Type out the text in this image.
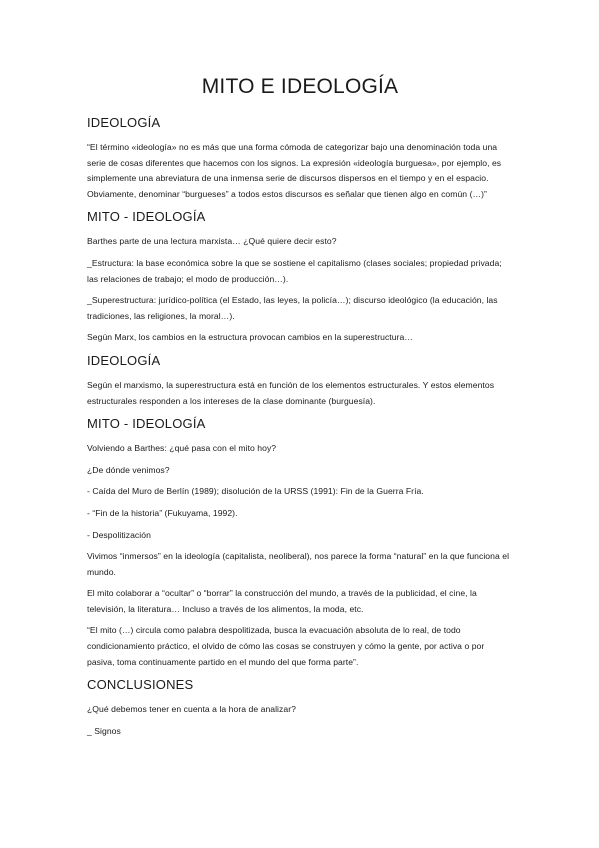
MITO E IDEOLOGÍA
IDEOLOGÍA

“El término «ideología» no es más que una forma cómoda de categorizar bajo una denominación toda una serie de cosas diferentes que hacemos con los signos. La expresión «ideología burguesa», por ejemplo, es simplemente una abreviatura de una inmensa serie de discursos dispersos en el tiempo y en el espacio. Obviamente, denominar “burgueses” a todos estos discursos es señalar que tienen algo en común (…)”

MITO - IDEOLOGÍA

Barthes parte de una lectura marxista… ¿Qué quiere decir esto?

_Estructura: la base económica sobre la que se sostiene el capitalismo (clases sociales; propiedad privada; las relaciones de trabajo; el modo de producción…).

_Superestructura: jurídico-política (el Estado, las leyes, la policía…); discurso ideológico (la educación, las tradiciones, las religiones, la moral…).

Según Marx, los cambios en la estructura provocan cambios en la superestructura…

IDEOLOGÍA

Según el marxismo, la superestructura está en función de los elementos estructurales. Y estos elementos estructurales responden a los intereses de la clase dominante (burguesía).

MITO - IDEOLOGÍA

Volviendo a Barthes: ¿qué pasa con el mito hoy?

¿De dónde venimos?

- Caída del Muro de Berlín (1989); disolución de la URSS (1991): Fin de la Guerra Fría.

- “Fin de la historia” (Fukuyama, 1992).

- Despolitización

Vivimos “inmersos” en la ideología (capitalista, neoliberal), nos parece la forma “natural” en la que funciona el mundo.

El mito colaborar a “ocultar” o “borrar” la construcción del mundo, a través de la publicidad, el cine, la televisión, la literatura… Incluso a través de los alimentos, la moda, etc.

“El mito (…) circula como palabra despolitizada, busca la evacuación absoluta de lo real, de todo condicionamiento práctico, el olvido de cómo las cosas se construyen y cómo la gente, por activa o por pasiva, toma continuamente partido en el mundo del que forma parte”.

CONCLUSIONES

¿Qué debemos tener en cuenta a la hora de analizar?

_ Signos
